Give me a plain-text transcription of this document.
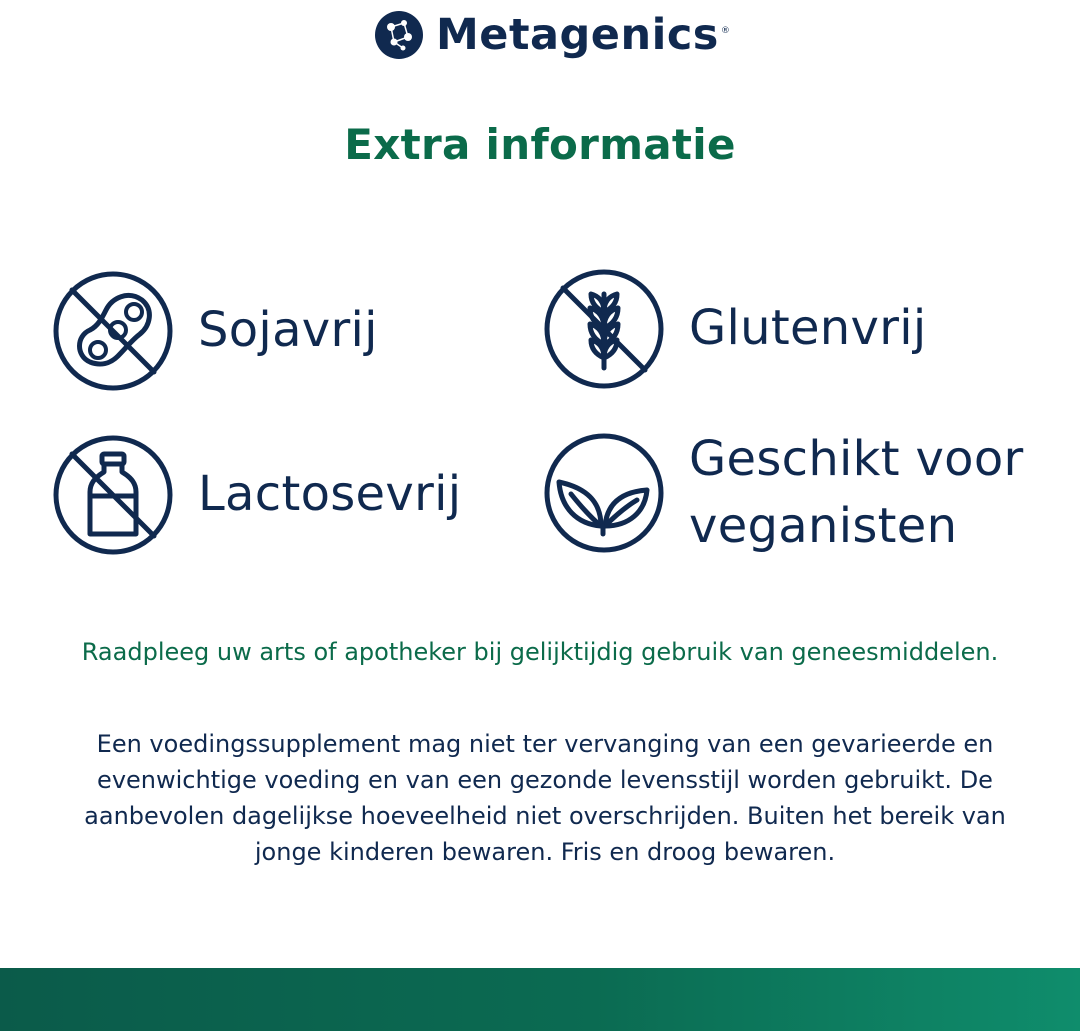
Metagenics ®
Extra informatie
Sojavrij	Glutenvrij
Lactosevrij
Geschikt voor veganisten
Raadpleeg uw arts of apotheker bij gelijktijdig gebruik van geneesmiddelen.
Een voedingssupplement mag niet ter vervanging van een gevarieerde en evenwichtige voeding en van een gezonde levensstijl worden gebruikt. De aanbevolen dagelijkse hoeveelheid niet overschrijden. Buiten het bereik van jonge kinderen bewaren. Fris en droog bewaren.
